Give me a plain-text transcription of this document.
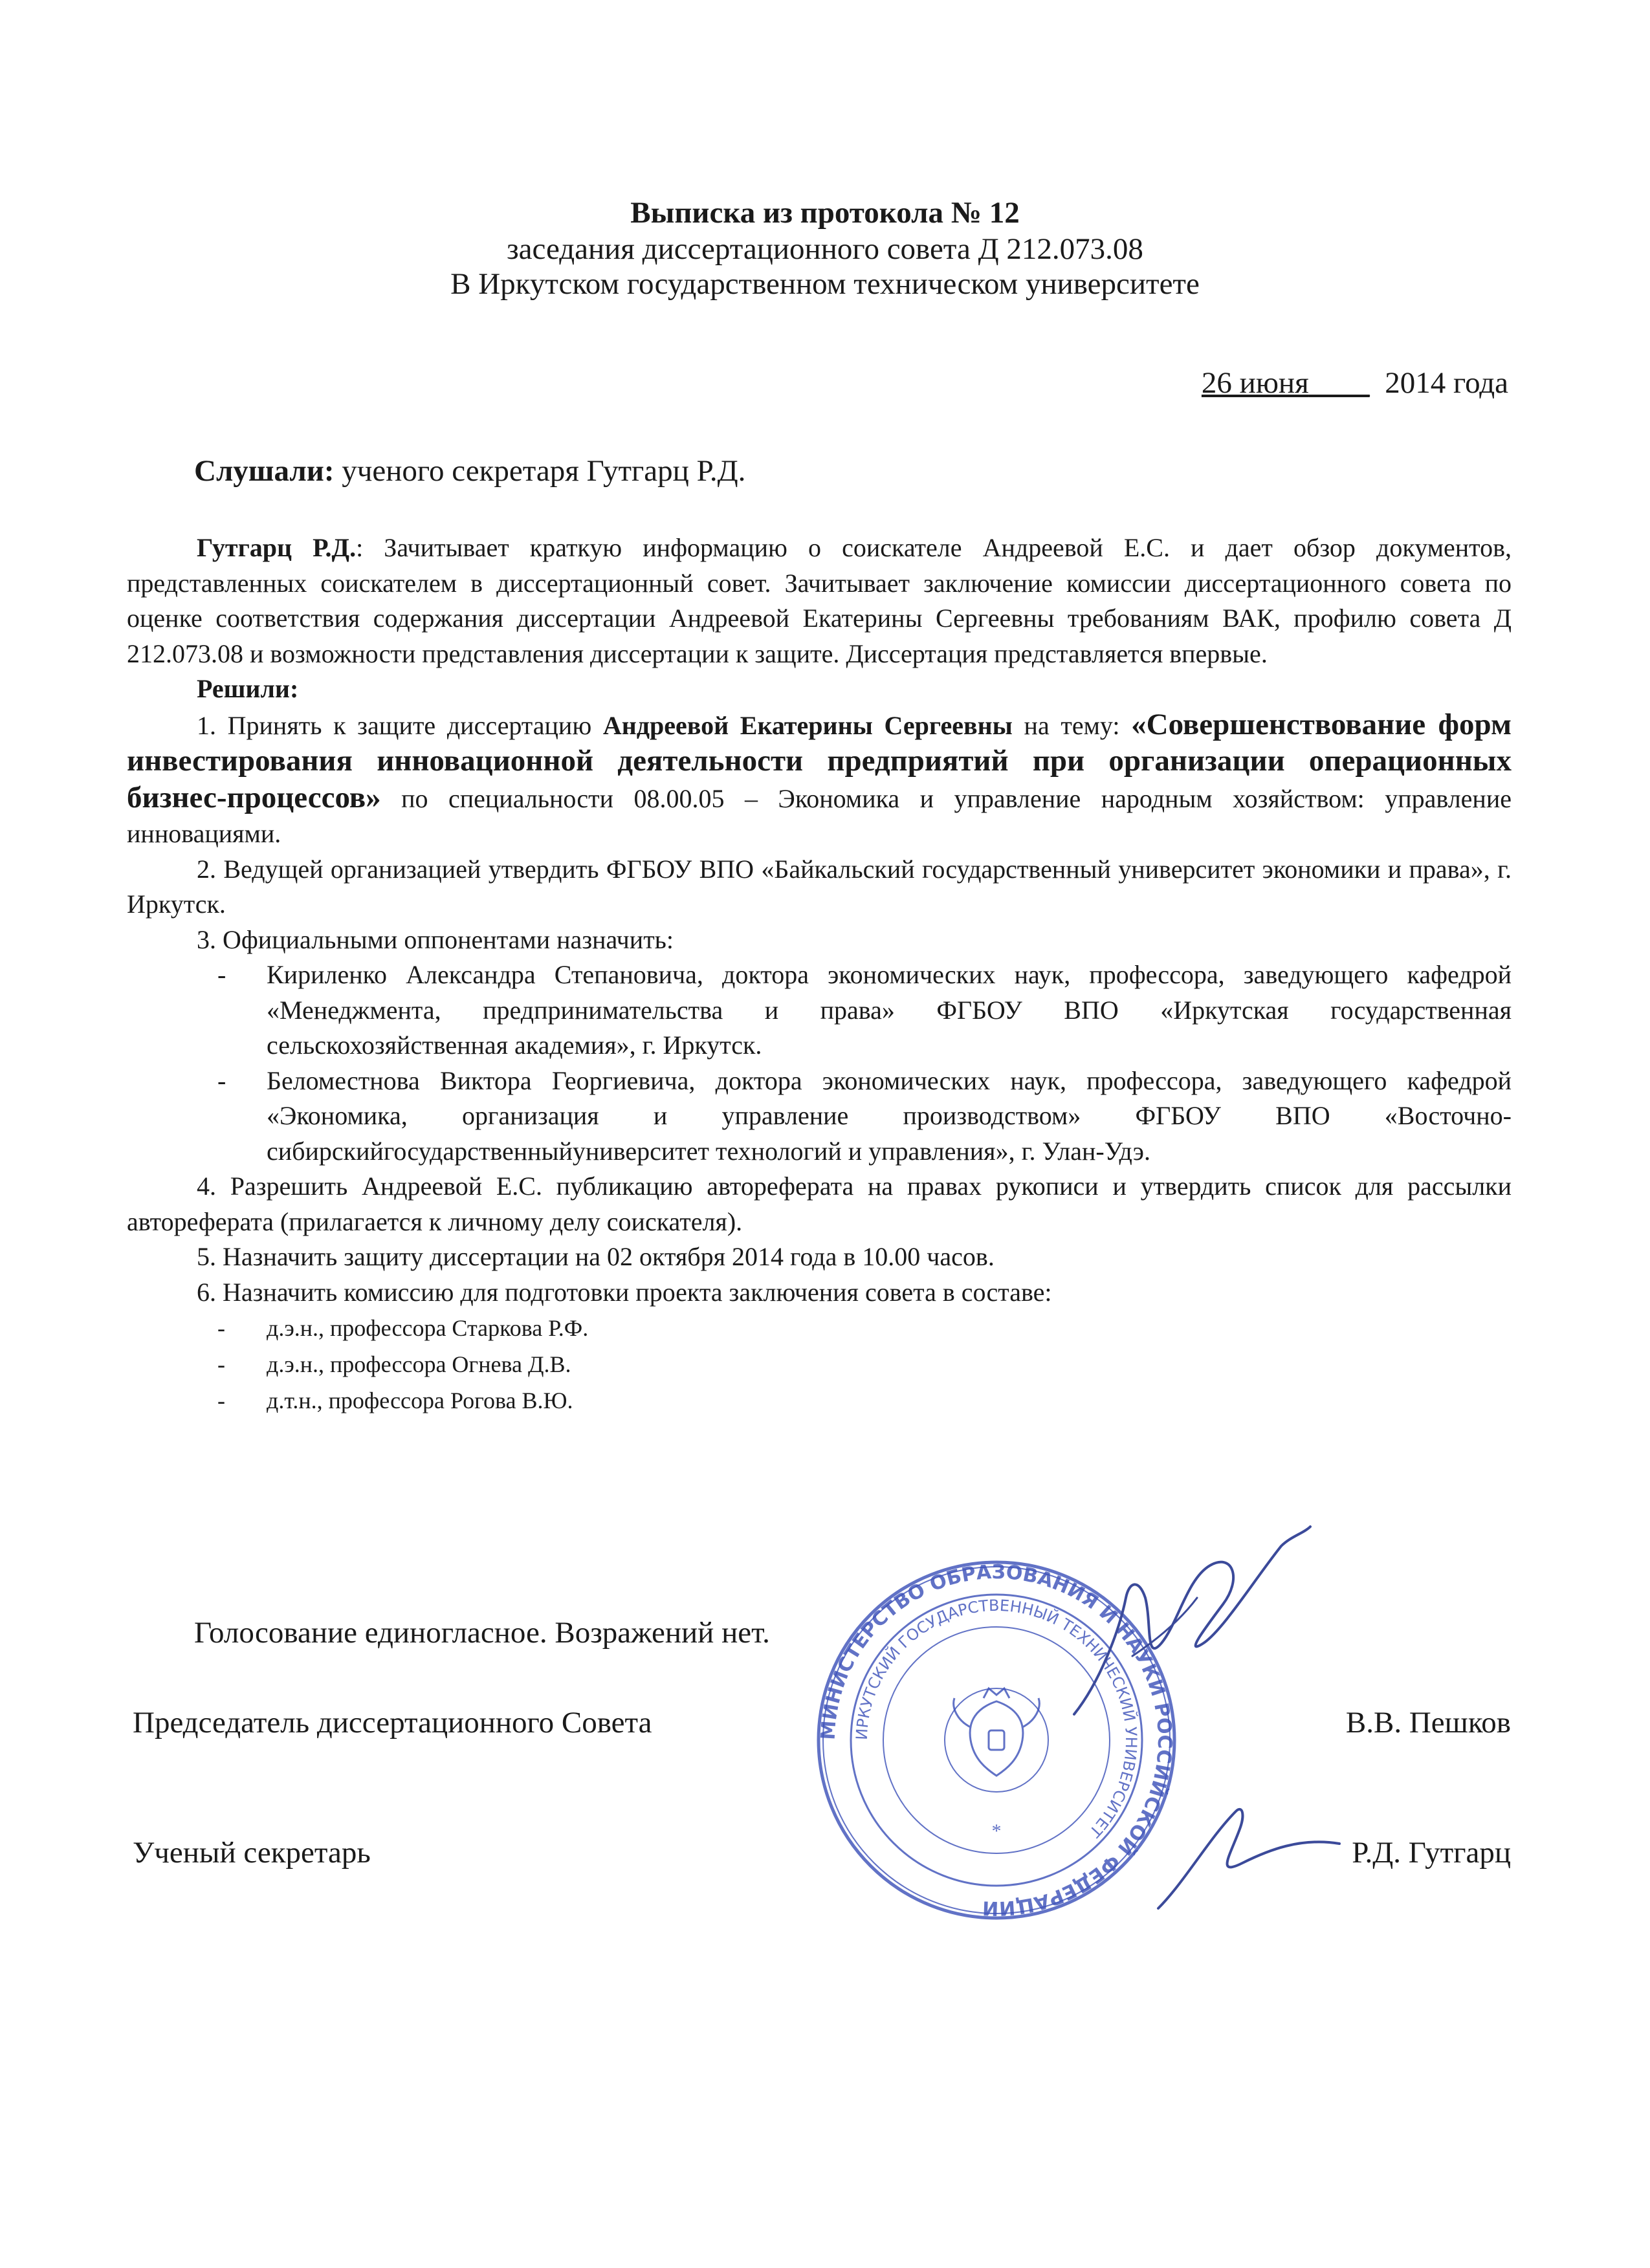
Выписка из протокола № 12
заседания диссертационного совета Д 212.073.08
В Иркутском государственном техническом университете
26 июня____ 2014 года
Слушали: ученого секретаря Гутгарц Р.Д.

Гутгарц Р.Д.: Зачитывает краткую информацию о соискателе Андреевой Е.С. и дает обзор документов, представленных соискателем в диссертационный совет. Зачитывает заключение комиссии диссертационного совета по оценке соответствия содержания диссертации Андреевой Екатерины Сергеевны требованиям ВАК, профилю совета Д 212.073.08 и возможности представления диссертации к защите. Диссертация представляется впервые.

Решили:

1. Принять к защите диссертацию Андреевой Екатерины Сергеевны на тему: «Совершенствование форм инвестирования инновационной деятельности предприятий при организации операционных бизнес-процессов» по специальности 08.00.05 – Экономика и управление народным хозяйством: управление инновациями.

2. Ведущей организацией утвердить ФГБОУ ВПО «Байкальский государственный университет экономики и права», г. Иркутск.

3. Официальными оппонентами назначить:

- Кириленко Александра Степановича, доктора экономических наук, профессора, заведующего кафедрой «Менеджмента, предпринимательства и права» ФГБОУ ВПО «Иркутская государственная сельскохозяйственная академия», г. Иркутск.

- Беломестнова Виктора Георгиевича, доктора экономических наук, профессора, заведующего кафедрой «Экономика, организация и управление производством» ФГБОУ ВПО «Восточно-сибирскийгосударственныйуниверситет технологий и управления», г. Улан-Удэ.

4. Разрешить Андреевой Е.С. публикацию автореферата на правах рукописи и утвердить список для рассылки автореферата (прилагается к личному делу соискателя).

5. Назначить защиту диссертации на 02 октября 2014 года в 10.00 часов.

6. Назначить комиссию для подготовки проекта заключения совета в составе:

- д.э.н., профессора Старкова Р.Ф.

- д.э.н., профессора Огнева Д.В.

- д.т.н., профессора Рогова В.Ю.

Голосование единогласное. Возражений нет.
Председатель диссертационного Совета	В.В. Пешков
Ученый секретарь	Р.Д. Гутгарц
МИНИСТЕРСТВО ОБРАЗОВАНИЯ И НАУКИ РОССИЙСКОЙ ФЕДЕРАЦИИ
ИРКУТСКИЙ ГОСУДАРСТВЕННЫЙ ТЕХНИЧЕСКИЙ УНИВЕРСИТЕТ
*
